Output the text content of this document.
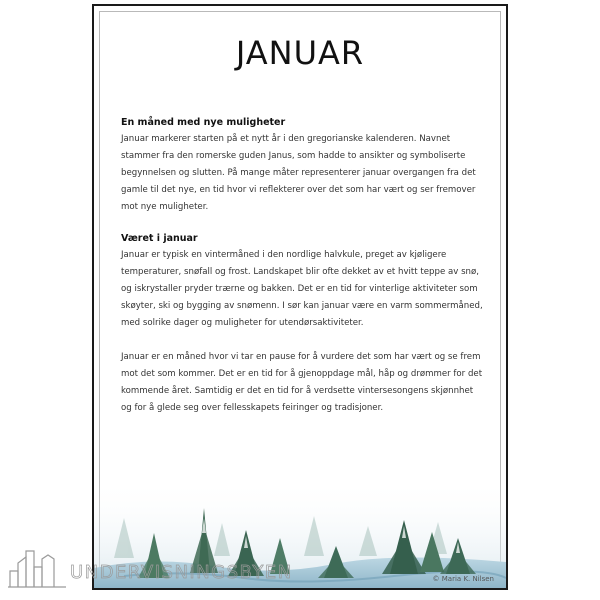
JANUAR
En måned med nye muligheter

Januar markerer starten på et nytt år i den gregorianske kalenderen. Navnet stammer fra den romerske guden Janus, som hadde to ansikter og symboliserte begynnelsen og slutten. På mange måter representerer januar overgangen fra det gamle til det nye, en tid hvor vi reflekterer over det som har vært og ser fremover mot nye muligheter.

Været i januar

Januar er typisk en vintermåned i den nordlige halvkule, preget av kjøligere temperaturer, snøfall og frost. Landskapet blir ofte dekket av et hvitt teppe av snø, og iskrystaller pryder trærne og bakken. Det er en tid for vinterlige aktiviteter som skøyter, ski og bygging av snømenn. I sør kan januar være en varm sommermåned, med solrike dager og muligheter for utendørsaktiviteter.

Januar er en måned hvor vi tar en pause for å vurdere det som har vært og se frem mot det som kommer. Det er en tid for å gjenoppdage mål, håp og drømmer for det kommende året. Samtidig er det en tid for å verdsette vintersesongens skjønnhet og for å glede seg over fellesskapets feiringer og tradisjoner.

© Maria K. Nilsen
UNDERVISNINGSBYEN
